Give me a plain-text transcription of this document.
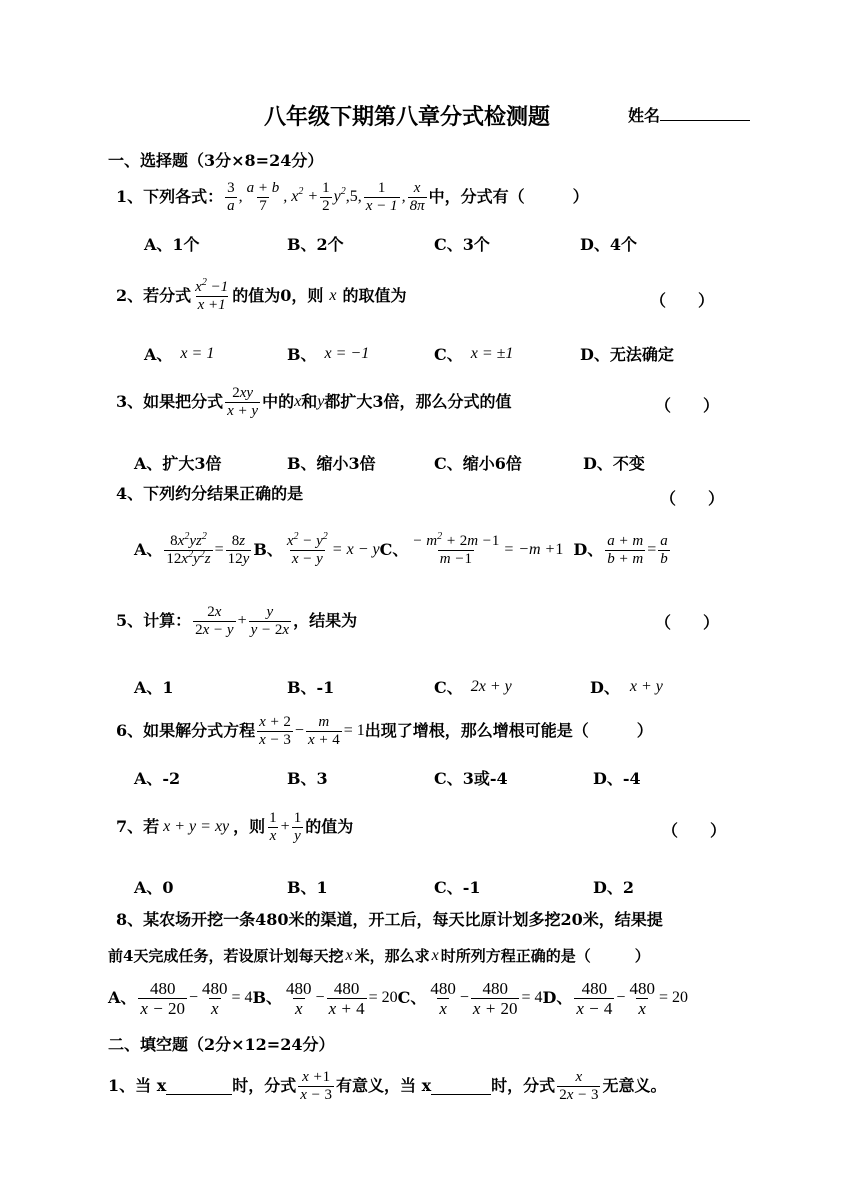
八年级下期第八章分式检测题	姓名
一、选择题（3分×8=24分）
1、下列各式： $\frac{3}{a}$ , $\frac{a + b}{7}$ , $x^2 + \frac{1}{2} y^2,5$, $\frac{1}{x - 1}$ , $\frac{x}{8\pi}$ 中，分式有（	）
A、1个	B、2个	C、3个	D、4个
2、若分式 $\frac{x^2 -1}{x +1}$ 的值为0，则 x 的取值为	（　　）
A、 x = 1	B、 x = −1	C、 x = ±1	D、无法确定
3、如果把分式 $\frac{2xy}{x + y}$ 中的 x 和 y 都扩大3倍，那么分式的值	（　　）
A、扩大3倍	B、缩小3倍	C、缩小6倍	D、不变
4、下列约分结果正确的是	（　　）
A、 $\frac{8x^2yz^2}{12x^2y^2z} = \frac{8z}{12y}$ B、 $\frac{x^2 - y^2}{x - y} = x - y$ C、 $\frac{- m^2 + 2m -1}{m -1} = -m +1$ D、 $\frac{a + m}{b + m} = \frac{a}{b}$
5、计算： $\frac{2x}{2x - y} + \frac{y}{y - 2x}$ ，结果为	（　　）
A、1	B、-1	C、 2x + y	D、 x + y
6、如果解分式方程 $\frac{x + 2}{x - 3} - \frac{m}{x + 4} = 1$ 出现了增根，那么增根可能是（	）
A、-2	B、3	C、3或-4	D、-4
7、若 x + y = xy ，则 $\frac{1}{x} + \frac{1}{y}$ 的值为	（　　）
A、0	B、1	C、-1	D、2
8、某农场开挖一条480米的渠道，开工后，每天比原计划多挖20米，结果提
前4天完成任务，若设原计划每天挖 x 米，那么求 x 时所列方程正确的是（	）
A、 $\frac{480}{x - 20} - \frac{480}{x} = 4$ B、 $\frac{480}{x} - \frac{480}{x + 4} = 20$ C、 $\frac{480}{x} - \frac{480}{x + 20} = 4$ D、 $\frac{480}{x - 4} - \frac{480}{x} = 20$
二、填空题（2分×12=24分）
1、当 x	时，分式 $\frac{x +1}{x - 3}$ 有意义，当 x	时，分式 $\frac{x}{2x - 3}$ 无意义。
